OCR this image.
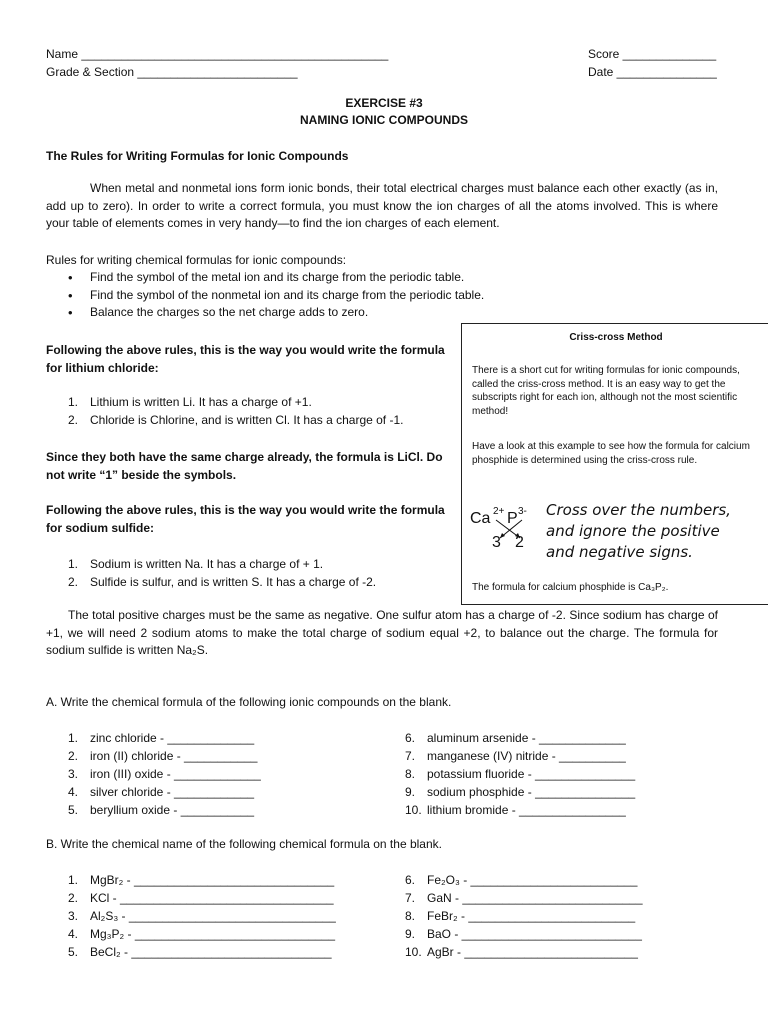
Name ______________________________________________
Grade & Section ________________________
Score ______________
Date _______________
EXERCISE #3
NAMING IONIC COMPOUNDS
The Rules for Writing Formulas for Ionic Compounds
When metal and nonmetal ions form ionic bonds, their total electrical charges must balance each other exactly (as in, add up to zero). In order to write a correct formula, you must know the ion charges of all the atoms involved. This is where your table of elements comes in very handy—to find the ion charges of each element.
Rules for writing chemical formulas for ionic compounds:
• Find the symbol of the metal ion and its charge from the periodic table.
• Find the symbol of the nonmetal ion and its charge from the periodic table.
• Balance the charges so the net charge adds to zero.
Following the above rules, this is the way you would write the formula for lithium chloride:
1. Lithium is written Li. It has a charge of +1.
2. Chloride is Chlorine, and is written Cl. It has a charge of -1.
Since they both have the same charge already, the formula is LiCl. Do not write “1” beside the symbols.
Following the above rules, this is the way you would write the formula for sodium sulfide:
1. Sodium is written Na. It has a charge of + 1.
2. Sulfide is sulfur, and is written S. It has a charge of -2.
The total positive charges must be the same as negative. One sulfur atom has a charge of -2. Since sodium has charge of +1, we will need 2 sodium atoms to make the total charge of sodium equal +2, to balance out the charge. The formula for sodium sulfide is written Na₂S.
Criss-cross Method
There is a short cut for writing formulas for ionic compounds, called the criss-cross method. It is an easy way to get the subscripts right for each ion, although not the most scientific method!
Have a look at this example to see how the formula for calcium phosphide is determined using the criss-cross rule.
Ca 2+ P 3-
3 2
Cross over the numbers,
and ignore the positive
and negative signs.
The formula for calcium phosphide is Ca₃P₂.
A. Write the chemical formula of the following ionic compounds on the blank.
1. zinc chloride - _____________
2. iron (II) chloride - ___________
3. iron (III) oxide - _____________
4. silver chloride - ____________
5. beryllium oxide - ___________
6. aluminum arsenide - _____________
7. manganese (IV) nitride - __________
8. potassium fluoride - _______________
9. sodium phosphide - _______________
10. lithium bromide - ________________
B. Write the chemical name of the following chemical formula on the blank.
1. MgBr₂ - ______________________________
2. KCl - ________________________________
3. Al₂S₃ - _______________________________
4. Mg₃P₂ - ______________________________
5. BeCl₂ - ______________________________
6. Fe₂O₃ - _________________________
7. GaN - ___________________________
8. FeBr₂ - _________________________
9. BaO - ___________________________
10. AgBr - __________________________
